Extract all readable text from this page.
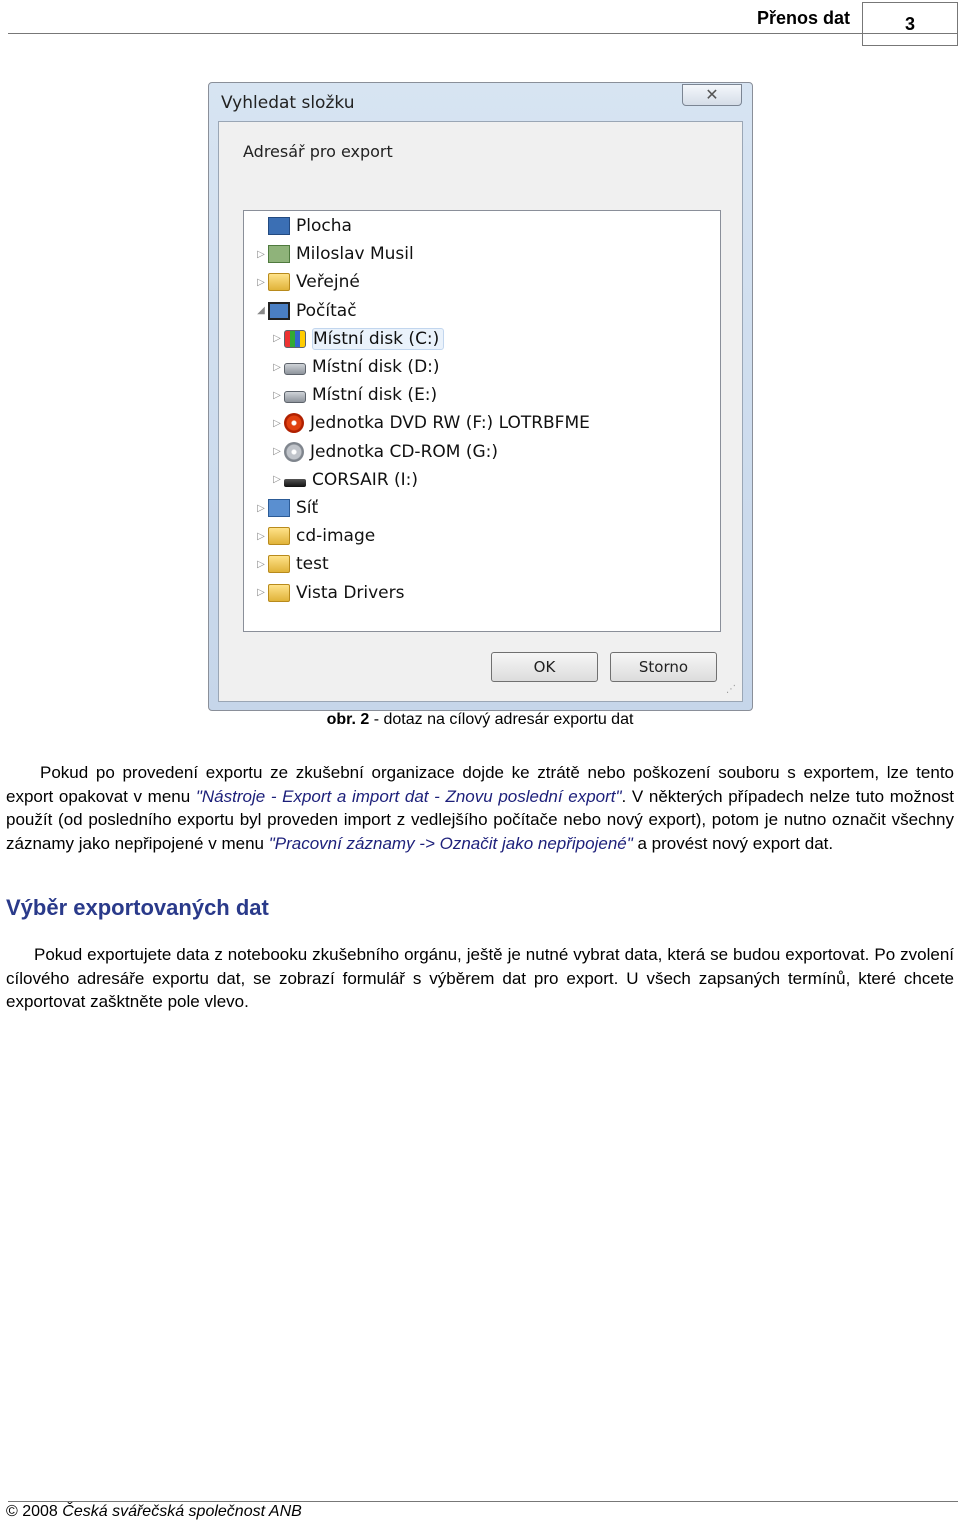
Přenos dat	3
Vyhledat složku	✕
Adresář pro export
Plocha
▷ Miloslav Musil
▷ Veřejné
◢ Počítač
▷ Místní disk (C:)
▷ Místní disk (D:)
▷ Místní disk (E:)
▷ Jednotka DVD RW (F:) LOTRBFME
▷ Jednotka CD-ROM (G:)
▷ CORSAIR (I:)
▷ Síť
▷ cd-image
▷ test
▷ Vista Drivers
OK	Storno
⋰
obr. 2 - dotaz na cílový adresár exportu dat
Pokud po provedení exportu ze zkušební organizace dojde ke ztrátě nebo poškození souboru s exportem, lze tento export opakovat v menu "Nástroje - Export a import dat - Znovu poslední export". V některých případech nelze tuto možnost použít (od posledního exportu byl proveden import z vedlejšího počítače nebo nový export), potom je nutno označit všechny záznamy jako nepřipojené v menu "Pracovní záznamy -> Označit jako nepřipojené" a provést nový export dat.
Výběr exportovaných dat
Pokud exportujete data z notebooku zkušebního orgánu, ještě je nutné vybrat data, která se budou exportovat. Po zvolení cílového adresáře exportu dat, se zobrazí formulář s výběrem dat pro export. U všech zapsaných termínů, které chcete exportovat zašktněte pole vlevo.
© 2008 Česká svářečská společnost ANB
